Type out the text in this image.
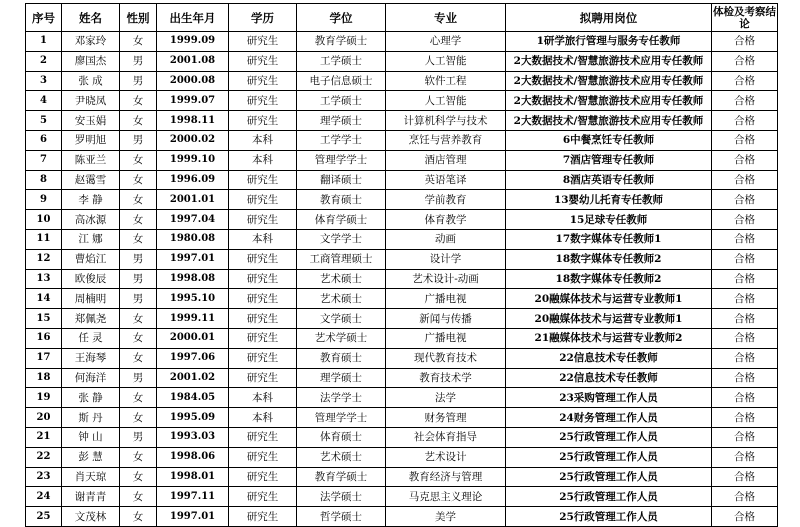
序号	姓名	性别	出生年月	学历	学位	专业	拟聘用岗位	体检及考察结论
1	邓家玲	女	1999.09	研究生	教育学硕士	心理学	1研学旅行管理与服务专任教师	合格
2	廖国杰	男	2001.08	研究生	工学硕士	人工智能	2大数据技术/智慧旅游技术应用专任教师	合格
3	张 成	男	2000.08	研究生	电子信息硕士	软件工程	2大数据技术/智慧旅游技术应用专任教师	合格
4	尹晓凤	女	1999.07	研究生	工学硕士	人工智能	2大数据技术/智慧旅游技术应用专任教师	合格
5	安玉娟	女	1998.11	研究生	理学硕士	计算机科学与技术	2大数据技术/智慧旅游技术应用专任教师	合格
6	罗明旭	男	2000.02	本科	工学学士	烹饪与营养教育	6中餐烹饪专任教师	合格
7	陈亚兰	女	1999.10	本科	管理学学士	酒店管理	7酒店管理专任教师	合格
8	赵霭雪	女	1996.09	研究生	翻译硕士	英语笔译	8酒店英语专任教师	合格
9	李 静	女	2001.01	研究生	教育硕士	学前教育	13婴幼儿托育专任教师	合格
10	高冰源	女	1997.04	研究生	体育学硕士	体育教学	15足球专任教师	合格
11	江 娜	女	1980.08	本科	文学学士	动画	17数字媒体专任教师1	合格
12	曹焰江	男	1997.01	研究生	工商管理硕士	设计学	18数字媒体专任教师2	合格
13	欧俊辰	男	1998.08	研究生	艺术硕士	艺术设计-动画	18数字媒体专任教师2	合格
14	周楠明	男	1995.10	研究生	艺术硕士	广播电视	20融媒体技术与运营专业教师1	合格
15	郑佩尧	女	1999.11	研究生	文学硕士	新闻与传播	20融媒体技术与运营专业教师1	合格
16	任 灵	女	2000.01	研究生	艺术学硕士	广播电视	21融媒体技术与运营专业教师2	合格
17	王海琴	女	1997.06	研究生	教育硕士	现代教育技术	22信息技术专任教师	合格
18	何海洋	男	2001.02	研究生	理学硕士	教育技术学	22信息技术专任教师	合格
19	张 静	女	1984.05	本科	法学学士	法学	23采购管理工作人员	合格
20	斯 丹	女	1995.09	本科	管理学学士	财务管理	24财务管理工作人员	合格
21	钟 山	男	1993.03	研究生	体育硕士	社会体育指导	25行政管理工作人员	合格
22	彭 慧	女	1998.06	研究生	艺术硕士	艺术设计	25行政管理工作人员	合格
23	肖天琼	女	1998.01	研究生	教育学硕士	教育经济与管理	25行政管理工作人员	合格
24	谢青青	女	1997.11	研究生	法学硕士	马克思主义理论	25行政管理工作人员	合格
25	文茂林	女	1997.01	研究生	哲学硕士	美学	25行政管理工作人员	合格
